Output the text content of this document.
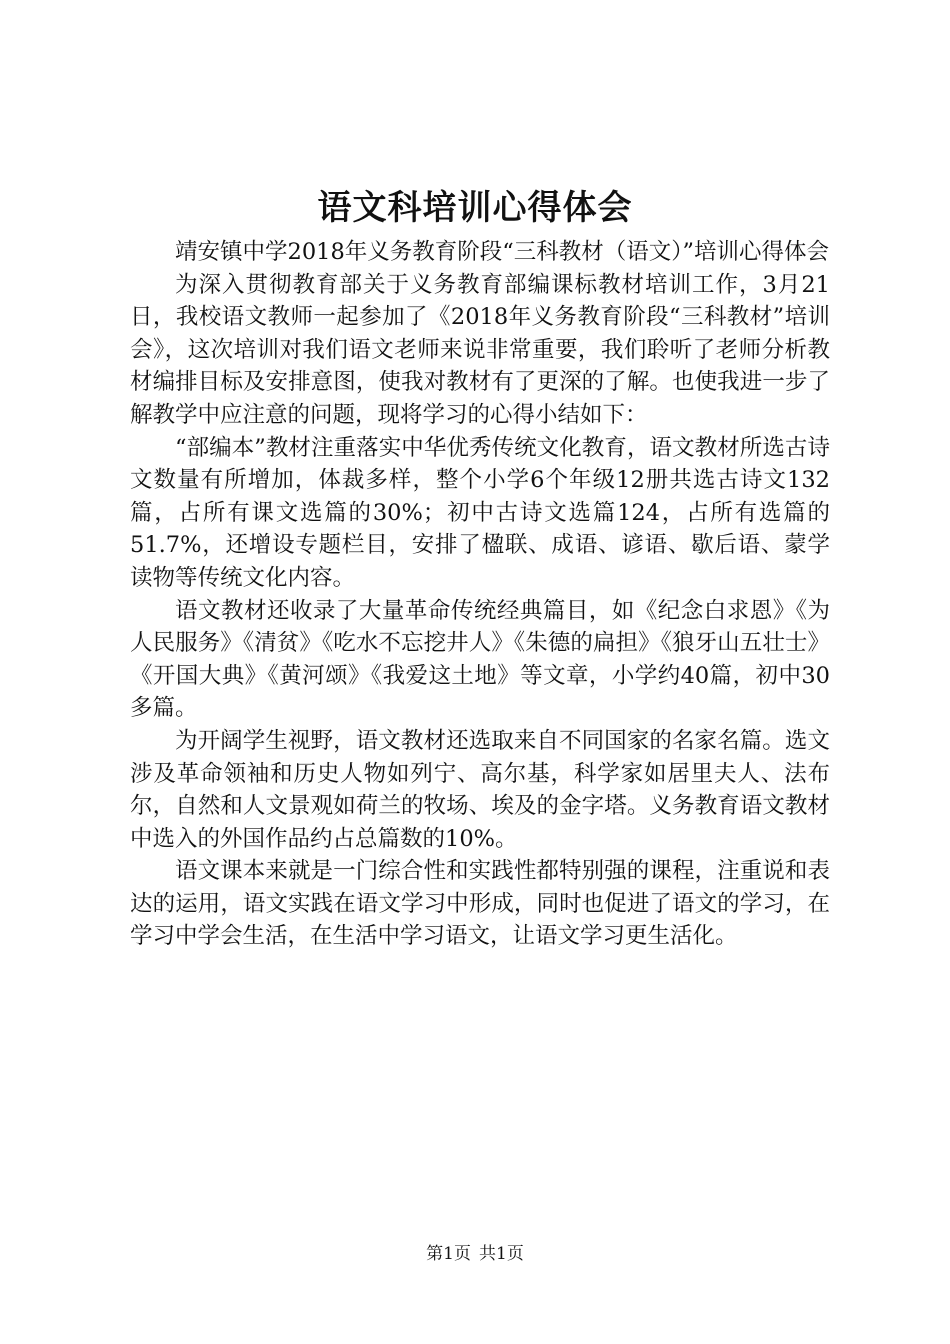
语文科培训心得体会

靖安镇中学2018年义务教育阶段“三科教材（语文）”培训心得体会

为深入贯彻教育部关于义务教育部编课标教材培训工作，3月21日，我校语文教师一起参加了《2018年义务教育阶段“三科教材”培训会》，这次培训对我们语文老师来说非常重要，我们聆听了老师分析教材编排目标及安排意图，使我对教材有了更深的了解。也使我进一步了解教学中应注意的问题，现将学习的心得小结如下：

“部编本”教材注重落实中华优秀传统文化教育，语文教材所选古诗文数量有所增加，体裁多样，整个小学6个年级12册共选古诗文132篇，占所有课文选篇的30%；初中古诗文选篇124，占所有选篇的51.7%，还增设专题栏目，安排了楹联、成语、谚语、歇后语、蒙学读物等传统文化内容。

语文教材还收录了大量革命传统经典篇目，如《纪念白求恩》《为人民服务》《清贫》《吃水不忘挖井人》《朱德的扁担》《狼牙山五壮士》《开国大典》《黄河颂》《我爱这土地》等文章，小学约40篇，初中30多篇。

为开阔学生视野，语文教材还选取来自不同国家的名家名篇。选文涉及革命领袖和历史人物如列宁、高尔基，科学家如居里夫人、法布尔，自然和人文景观如荷兰的牧场、埃及的金字塔。义务教育语文教材中选入的外国作品约占总篇数的10%。

语文课本来就是一门综合性和实践性都特别强的课程，注重说和表达的运用，语文实践在语文学习中形成，同时也促进了语文的学习，在学习中学会生活，在生活中学习语文，让语文学习更生活化。

第1页 共1页
